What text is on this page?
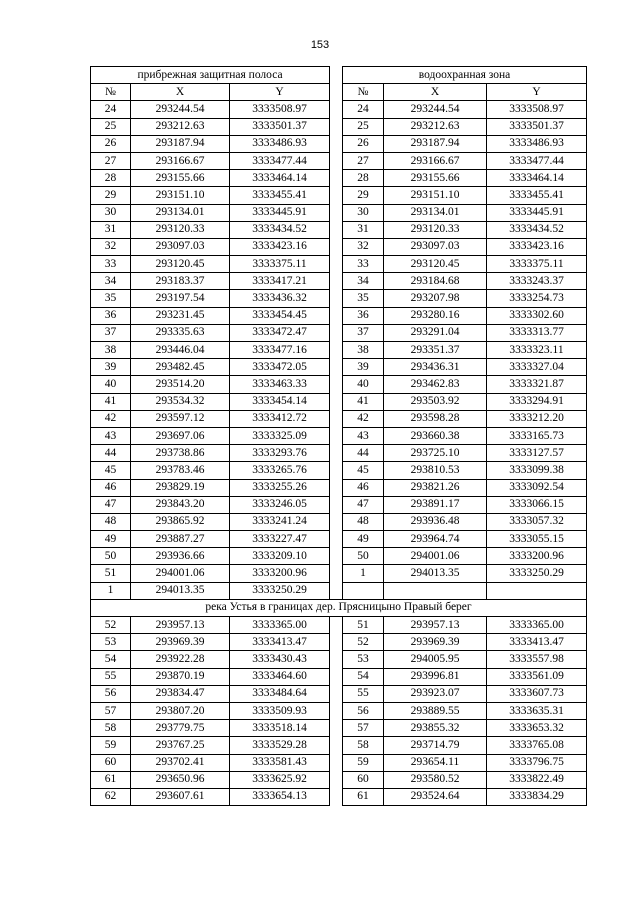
153
прибрежная защитная полоса				водоохранная зона		
№	X	Y		№	X	Y
24	293244.54	3333508.97		24	293244.54	3333508.97
25	293212.63	3333501.37		25	293212.63	3333501.37
26	293187.94	3333486.93		26	293187.94	3333486.93
27	293166.67	3333477.44		27	293166.67	3333477.44
28	293155.66	3333464.14		28	293155.66	3333464.14
29	293151.10	3333455.41		29	293151.10	3333455.41
30	293134.01	3333445.91		30	293134.01	3333445.91
31	293120.33	3333434.52		31	293120.33	3333434.52
32	293097.03	3333423.16		32	293097.03	3333423.16
33	293120.45	3333375.11		33	293120.45	3333375.11
34	293183.37	3333417.21		34	293184.68	3333243.37
35	293197.54	3333436.32		35	293207.98	3333254.73
36	293231.45	3333454.45		36	293280.16	3333302.60
37	293335.63	3333472.47		37	293291.04	3333313.77
38	293446.04	3333477.16		38	293351.37	3333323.11
39	293482.45	3333472.05		39	293436.31	3333327.04
40	293514.20	3333463.33		40	293462.83	3333321.87
41	293534.32	3333454.14		41	293503.92	3333294.91
42	293597.12	3333412.72		42	293598.28	3333212.20
43	293697.06	3333325.09		43	293660.38	3333165.73
44	293738.86	3333293.76		44	293725.10	3333127.57
45	293783.46	3333265.76		45	293810.53	3333099.38
46	293829.19	3333255.26		46	293821.26	3333092.54
47	293843.20	3333246.05		47	293891.17	3333066.15
48	293865.92	3333241.24		48	293936.48	3333057.32
49	293887.27	3333227.47		49	293964.74	3333055.15
50	293936.66	3333209.10		50	294001.06	3333200.96
51	294001.06	3333200.96		1	294013.35	3333250.29
1	294013.35	3333250.29				
река Устья в границах дер. Прясницыно Правый берег						
52	293957.13	3333365.00		51	293957.13	3333365.00
53	293969.39	3333413.47		52	293969.39	3333413.47
54	293922.28	3333430.43		53	294005.95	3333557.98
55	293870.19	3333464.60		54	293996.81	3333561.09
56	293834.47	3333484.64		55	293923.07	3333607.73
57	293807.20	3333509.93		56	293889.55	3333635.31
58	293779.75	3333518.14		57	293855.32	3333653.32
59	293767.25	3333529.28		58	293714.79	3333765.08
60	293702.41	3333581.43		59	293654.11	3333796.75
61	293650.96	3333625.92		60	293580.52	3333822.49
62	293607.61	3333654.13		61	293524.64	3333834.29
